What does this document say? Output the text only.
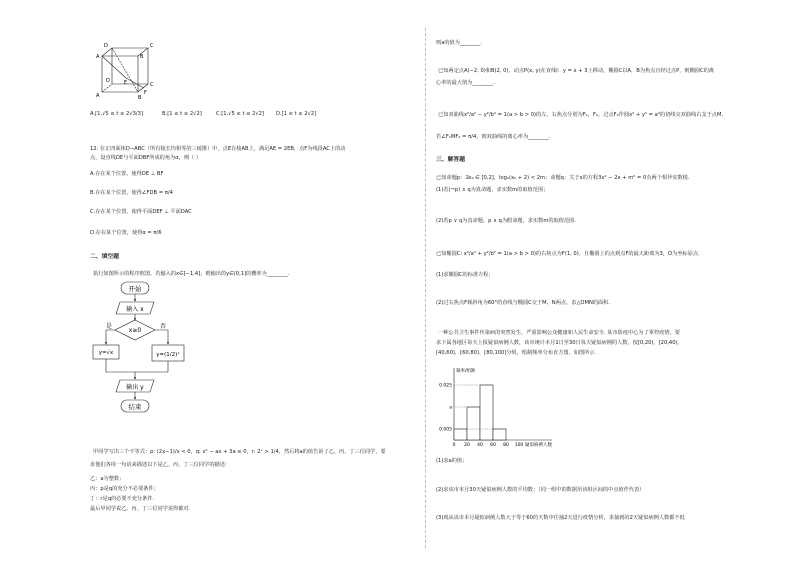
D	C
A	B
D
C
A	B
E
F
A.[1,√5 ≤ t ≤ 2√3/3]	B.[1 ≤ t ≤ 2√2]	C.[1,√5 ≤ t ≤ 2√2] D.[1 ≤ t ≤ 2√2]
12. 在正四面体D−ABC（所有棱长均相等的三棱锥）中，点E在棱AB上，满足AE = 2EB，点F为线段AC上的动
点，设直线DE与平面DBF所成的角为α，则（ ）
A.存在某个位置，使得DE ⊥ BF
B.存在某个位置，使得∠FDB = π/4
C.存在某个位置，使得平面DEF ⊥ 平面DAC
D.存在某个位置，使得α = π/6
二、填空题
执行如图所示的程序框图，若输入的x∈[−1,4]，则输出的y∈(0,1]的概率为________.
开始
输入 x
x≥0
是	否
y=√x	y=(1/2)ˣ
输出 y
结束
甲同学写出三个不等式：p: (2x−1)/x < 0，q: x² − ax + 3a ≤ 0，r: 2ˣ > 1/4，然后将a的值告诉了乙、丙、丁三位同学，要
求他们各用一句话来描述以下是乙、丙、丁三位同学的描述：
乙：a为整数；
丙：p是q的充分不必要条件；
丁：r是q的必要不充分条件.
最后甲同学说乙、丙、丁三位同学说得都对.
则a的值为________.
已知两定点A(−2, 0)和B(2, 0)，动点P(x, y)在直线l：y = x + 3上移动，椭圆C以A，B为焦点且经过点P，则椭圆C的离
心率的最大值为________.
已知双曲线x²/a² − y²/b² = 1(a > b > 0)的左、右焦点分别为F₁，F₂，过点F₂作圆x² + y² = a²的切线交双曲线右支于点M，
若∠F₁MF₂ = π/4，则双曲线的离心率为________.
三、解答题
已知命题p：∃x₀ ∈ [0,2]，log₂(x₀ + 2) < 2m；命题q：关于x的方程3x² − 2x + m² = 0有两个相异实数根.
(1)若(¬p) ∧ q为真命题，求实数m的取值范围；
(2)若p ∨ q为真命题，p ∧ q为假命题，求实数m的取值范围.
已知椭圆C: x²/a² + y²/b² = 1(a > b > 0)的右焦点为F(1, 0)，且椭圆上的点到点F的最大距离为3，O为坐标原点.
(1)求椭圆C的标准方程；
(2)过右焦点F倾斜角为60°的直线与椭圆C交于M、N两点，求△OMN的面积.
一种公共卫生事件传染病的突然发生，严重影响公众健康和人民生命安全. 某市防疫中心为了掌控疫情，要
求下属各地区每天上报疑似病例人数，该市统计本月1日至30日每天疑似病例的人数，按[0,20)，[20,40)，
[40,60)，[60,80)，[80,100]分组，绘制频率分布直方图，如图所示.
0.025
a
0.005
0 20 40 60 80 100
频率/组距
疑似病例人数
(1)求a的值；
(2)求该市本月30天疑似病例人数的平均数；（同一组中的数据用该组区间的中点值作代表）
(3)现从该市本月疑似病例人数大于等于60的天数中任抽2天进行疫情分析，求抽到的2天疑似病例人数都不低
